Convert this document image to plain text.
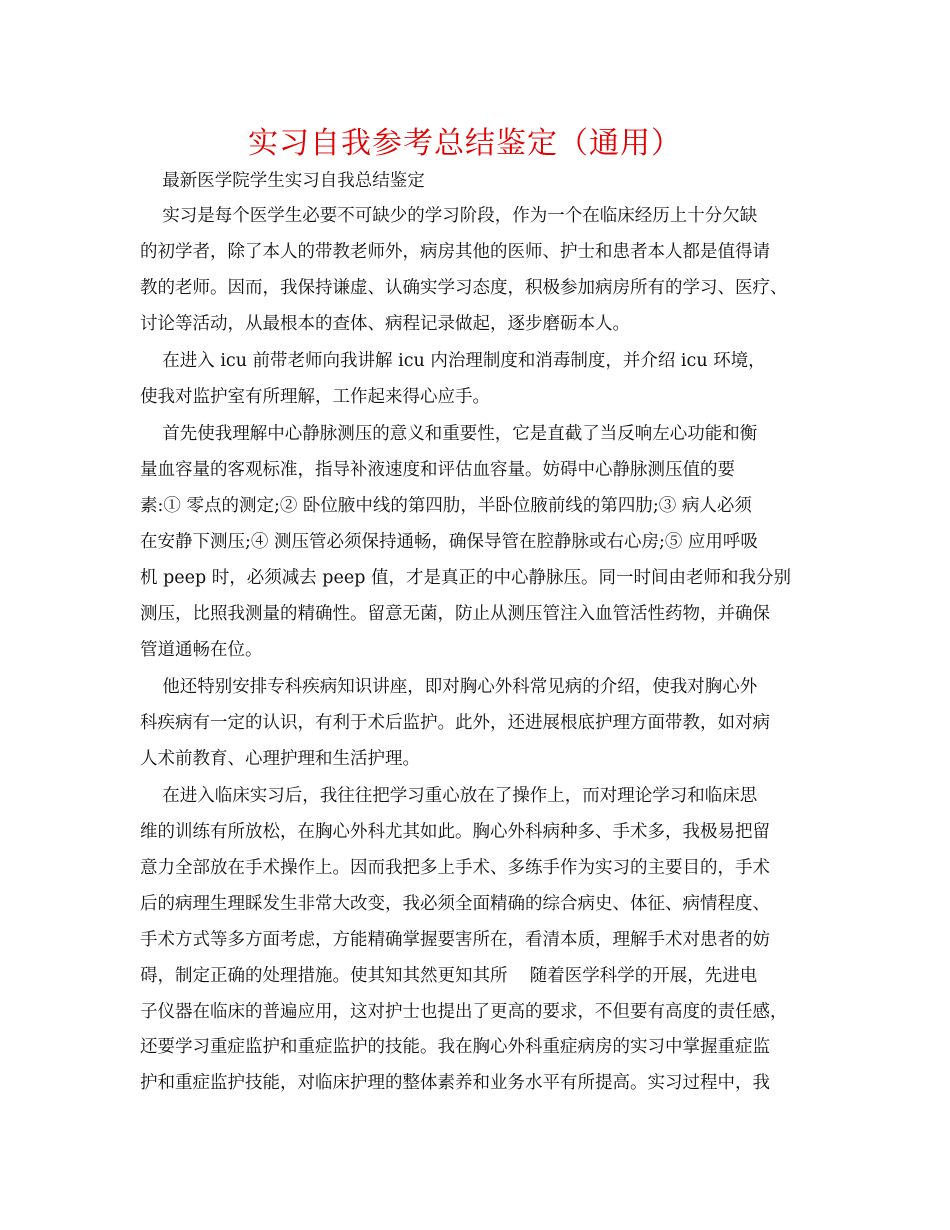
实习自我参考总结鉴定（通用）
最新医学院学生实习自我总结鉴定
实习是每个医学生必要不可缺少的学习阶段，作为一个在临床经历上十分欠缺
的初学者，除了本人的带教老师外，病房其他的医师、护士和患者本人都是值得请
教的老师。因而，我保持谦虚、认确实学习态度，积极参加病房所有的学习、医疗、
讨论等活动，从最根本的查体、病程记录做起，逐步磨砺本人。
在进入 icu 前带老师向我讲解 icu 内治理制度和消毒制度，并介绍 icu 环境，
使我对监护室有所理解，工作起来得心应手。
首先使我理解中心静脉测压的意义和重要性，它是直截了当反响左心功能和衡
量血容量的客观标准，指导补液速度和评估血容量。妨碍中心静脉测压值的要
素:① 零点的测定;② 卧位腋中线的第四肋，半卧位腋前线的第四肋;③ 病人必须
在安静下测压;④ 测压管必须保持通畅，确保导管在腔静脉或右心房;⑤ 应用呼吸
机 peep 时，必须减去 peep 值，才是真正的中心静脉压。同一时间由老师和我分别
测压，比照我测量的精确性。留意无菌，防止从测压管注入血管活性药物，并确保
管道通畅在位。
他还特别安排专科疾病知识讲座，即对胸心外科常见病的介绍，使我对胸心外
科疾病有一定的认识，有利于术后监护。此外，还进展根底护理方面带教，如对病
人术前教育、心理护理和生活护理。
在进入临床实习后，我往往把学习重心放在了操作上，而对理论学习和临床思
维的训练有所放松，在胸心外科尤其如此。胸心外科病种多、手术多，我极易把留
意力全部放在手术操作上。因而我把多上手术、多练手作为实习的主要目的，手术
后的病理生理睬发生非常大改变，我必须全面精确的综合病史、体征、病情程度、
手术方式等多方面考虑，方能精确掌握要害所在，看清本质，理解手术对患者的妨
碍，制定正确的处理措施。使其知其然更知其所    随着医学科学的开展，先进电
子仪器在临床的普遍应用，这对护士也提出了更高的要求，不但要有高度的责任感，
还要学习重症监护和重症监护的技能。我在胸心外科重症病房的实习中掌握重症监
护和重症监护技能，对临床护理的整体素养和业务水平有所提高。实习过程中，我
